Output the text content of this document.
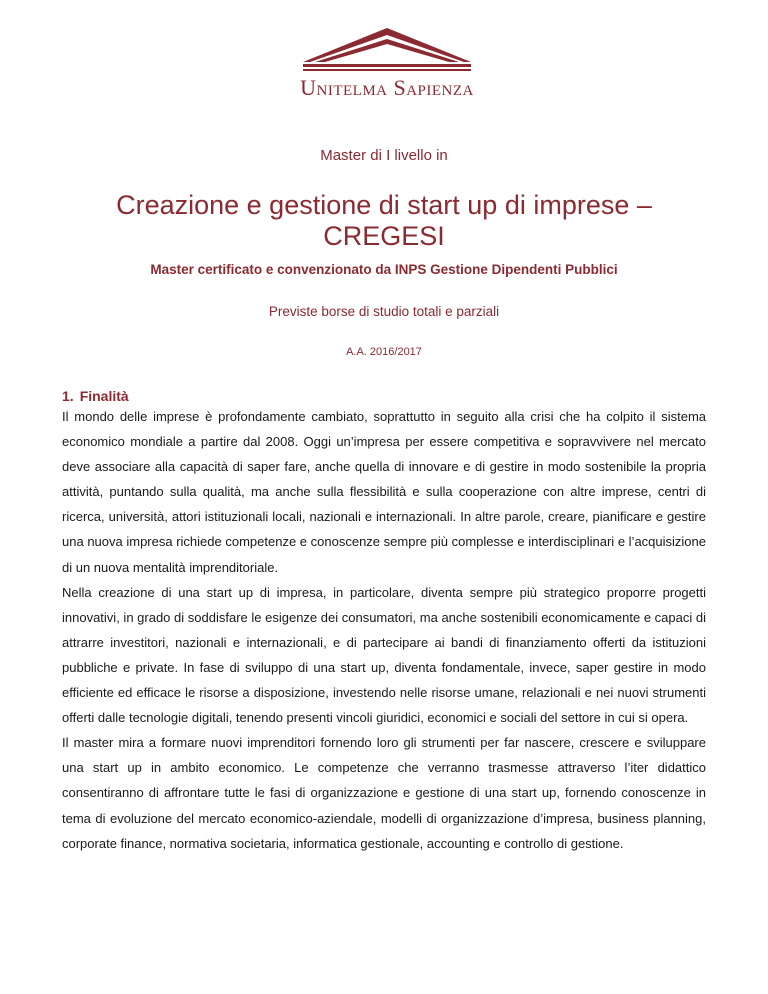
Unitelma Sapienza
Master di I livello in
Creazione e gestione di start up di imprese – CREGESI
Master certificato e convenzionato da INPS Gestione Dipendenti Pubblici
Previste borse di studio totali e parziali
A.A. 2016/2017
1. Finalità

Il mondo delle imprese è profondamente cambiato, soprattutto in seguito alla crisi che ha colpito il sistema economico mondiale a partire dal 2008. Oggi un’impresa per essere competitiva e sopravvivere nel mercato deve associare alla capacità di saper fare, anche quella di innovare e di gestire in modo sostenibile la propria attività, puntando sulla qualità, ma anche sulla flessibilità e sulla cooperazione con altre imprese, centri di ricerca, università, attori istituzionali locali, nazionali e internazionali. In altre parole, creare, pianificare e gestire una nuova impresa richiede competenze e conoscenze sempre più complesse e interdisciplinari e l’acquisizione di un nuova mentalità imprenditoriale.

Nella creazione di una start up di impresa, in particolare, diventa sempre più strategico proporre progetti innovativi, in grado di soddisfare le esigenze dei consumatori, ma anche sostenibili economicamente e capaci di attrarre investitori, nazionali e internazionali, e di partecipare ai bandi di finanziamento offerti da istituzioni pubbliche e private. In fase di sviluppo di una start up, diventa fondamentale, invece, saper gestire in modo efficiente ed efficace le risorse a disposizione, investendo nelle risorse umane, relazionali e nei nuovi strumenti offerti dalle tecnologie digitali, tenendo presenti vincoli giuridici, economici e sociali del settore in cui si opera.

Il master mira a formare nuovi imprenditori fornendo loro gli strumenti per far nascere, crescere e sviluppare una start up in ambito economico. Le competenze che verranno trasmesse attraverso l’iter didattico consentiranno di affrontare tutte le fasi di organizzazione e gestione di una start up, fornendo conoscenze in tema di evoluzione del mercato economico-aziendale, modelli di organizzazione d’impresa, business planning, corporate finance, normativa societaria, informatica gestionale, accounting e controllo di gestione.
